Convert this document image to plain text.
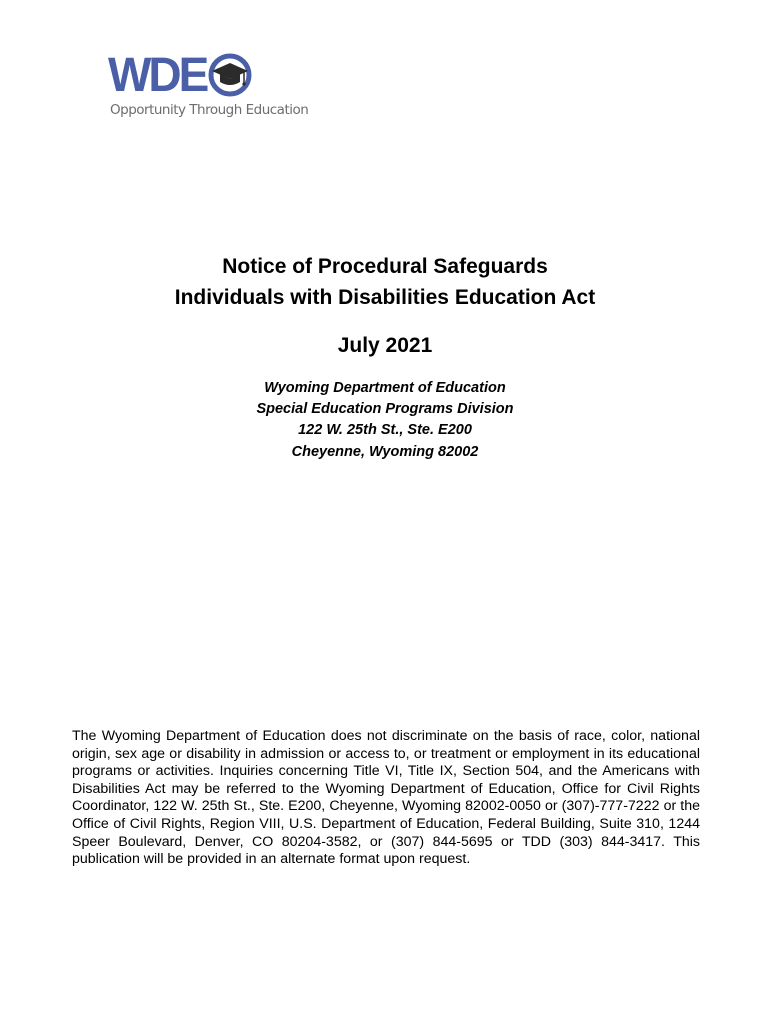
WDE
Opportunity Through Education

Notice of Procedural Safeguards

Individuals with Disabilities Education Act

July 2021

Wyoming Department of Education

Special Education Programs Division

122 W. 25th St., Ste. E200

Cheyenne, Wyoming 82002

The Wyoming Department of Education does not discriminate on the basis of race, color, national origin, sex age or disability in admission or access to, or treatment or employment in its educational programs or activities. Inquiries concerning Title VI, Title IX, Section 504, and the Americans with Disabilities Act may be referred to the Wyoming Department of Education, Office for Civil Rights Coordinator, 122 W. 25th St., Ste. E200, Cheyenne, Wyoming 82002-0050 or (307)-777-7222 or the Office of Civil Rights, Region VIII, U.S. Department of Education, Federal Building, Suite 310, 1244 Speer Boulevard, Denver, CO 80204-3582, or (307) 844-5695 or TDD (303) 844-3417. This publication will be provided in an alternate format upon request.
